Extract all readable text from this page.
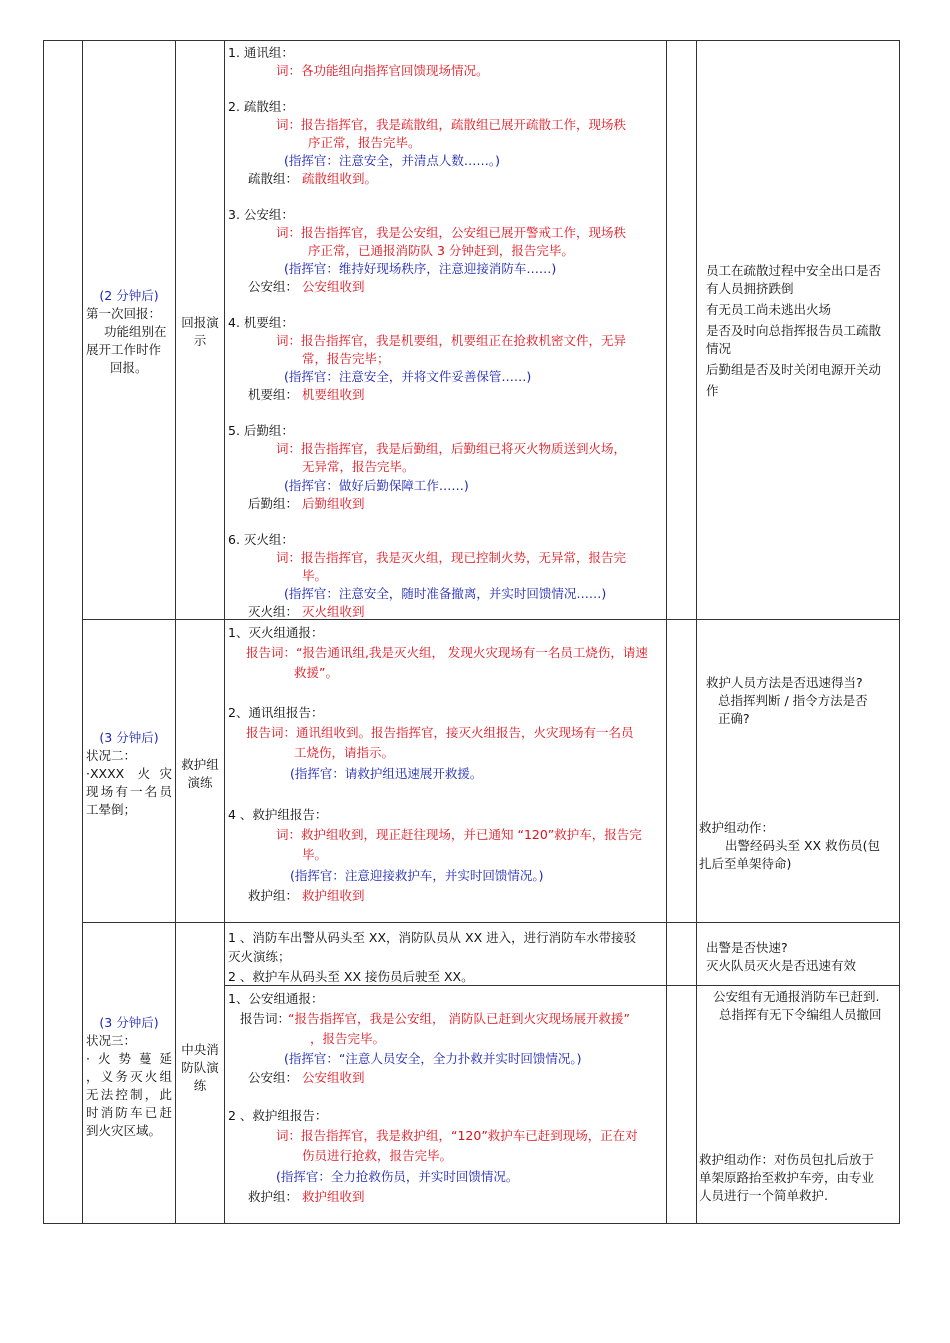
(2 分钟后)
第一次回报：
功能组别在
展开工作时作
回报。
回报演
示
1. 通讯组：
词：各功能组向指挥官回馈现场情况。
2. 疏散组：
词：报告指挥官，我是疏散组，疏散组已展开疏散工作，现场秩
序正常，报告完毕。
(指挥官：注意安全，并清点人数……。)
疏散组： 疏散组收到。
3. 公安组：
词：报告指挥官，我是公安组，公安组已展开警戒工作，现场秩
序正常，已通报消防队 3 分钟赶到，报告完毕。
(指挥官：维持好现场秩序，注意迎接消防车……)
公安组： 公安组收到
4. 机要组：
词：报告指挥官，我是机要组，机要组正在抢救机密文件，无异
常，报告完毕；
(指挥官：注意安全，并将文件妥善保管……)
机要组： 机要组收到
5. 后勤组：
词：报告指挥官，我是后勤组，后勤组已将灭火物质送到火场，
无异常，报告完毕。
(指挥官：做好后勤保障工作……)
后勤组： 后勤组收到
6. 灭火组：
词：报告指挥官，我是灭火组，现已控制火势，无异常，报告完
毕。
(指挥官：注意安全，随时准备撤离，并实时回馈情况……)
灭火组： 灭火组收到
员工在疏散过程中安全出口是否
有人员拥挤跌倒
有无员工尚未逃出火场
是否及时向总指挥报告员工疏散
情况
后勤组是否及时关闭电源开关动
作
(3 分钟后)
状况二：
·XXXX 火灾
现场有一名员
工晕倒；
救护组
演练
1、灭火组通报：
报告词：“报告通讯组,我是灭火组， 发现火灾现场有一名员工烧伤，请速
救援”。
2、通讯组报告：
报告词：通讯组收到。报告指挥官，接灭火组报告，火灾现场有一名员
工烧伤，请指示。
(指挥官：请救护组迅速展开救援。
4 、救护组报告：
词：救护组收到，现正赶往现场，并已通知 “120”救护车，报告完
毕。
(指挥官：注意迎接救护车，并实时回馈情况。)
救护组： 救护组收到
救护人员方法是否迅速得当?
总指挥判断 / 指令方法是否
正确?
救护组动作：
出警经码头至 XX 救伤员(包
扎后至单架待命)
(3 分钟后)
状况三：
·火势蔓延
，义务灭火组
无法控制，此
时消防车已赶
到火灾区域。
中央消
防队演
练
1 、消防车出警从码头至 XX，消防队员从 XX 进入，进行消防车水带接驳
灭火演练；
2 、救护车从码头至 XX 接伤员后驶至 XX。
1、公安组通报：
报告词：
“报告指挥官，我是公安组， 消防队已赶到火灾现场展开救援”
，报告完毕。
(指挥官：“注意人员安全，全力扑救并实时回馈情况。)
公安组： 公安组收到
2 、救护组报告：
词：报告指挥官，我是救护组，“120”救护车已赶到现场，正在对
伤员进行抢救，报告完毕。
(指挥官：全力抢救伤员，并实时回馈情况。
救护组： 救护组收到
出警是否快速?
灭火队员灭火是否迅速有效
公安组有无通报消防车已赶到.
总指挥有无下令编组人员撤回
救护组动作：对伤员包扎后放于
单架原路抬至救护车旁，由专业
人员进行一个简单救护.
